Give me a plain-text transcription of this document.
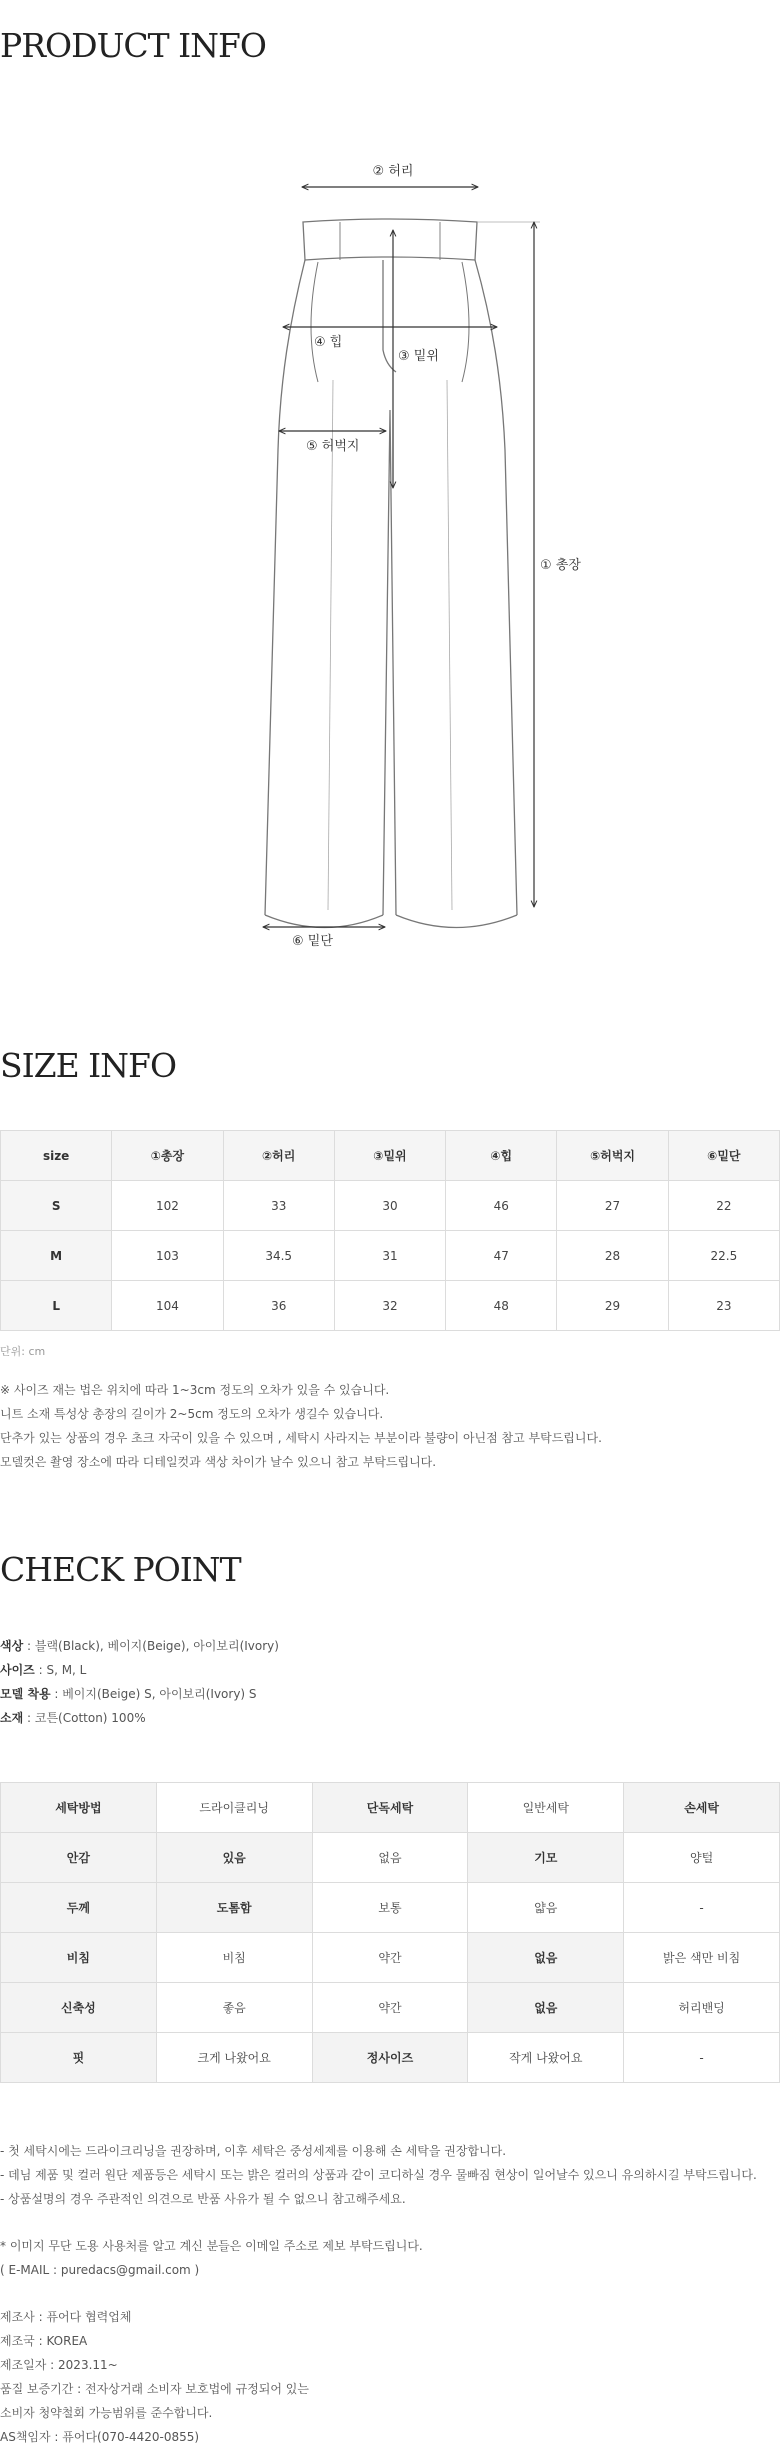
PRODUCT INFO
② 허리
① 총장
④ 힙
③ 밑위
⑤ 허벅지
⑥ 밑단
SIZE INFO
size	①총장	②허리	③밑위	④힙	⑤허벅지	⑥밑단
S	102	33	30	46	27	22
M	103	34.5	31	47	28	22.5
L	104	36	32	48	29	23
단위: cm
※ 사이즈 재는 법은 위치에 따라 1~3cm 정도의 오차가 있을 수 있습니다.
니트 소재 특성상 총장의 길이가 2~5cm 정도의 오차가 생길수 있습니다.
단추가 있는 상품의 경우 초크 자국이 있을 수 있으며 , 세탁시 사라지는 부분이라 불량이 아닌점 참고 부탁드립니다.
모델컷은 촬영 장소에 따라 디테일컷과 색상 차이가 날수 있으니 참고 부탁드립니다.
CHECK POINT
색상 : 블랙(Black), 베이지(Beige), 아이보리(Ivory)
사이즈 : S, M, L
모델 착용 : 베이지(Beige) S, 아이보리(Ivory) S
소재 : 코튼(Cotton) 100%
세탁방법	드라이클리닝	단독세탁	일반세탁	손세탁
안감	있음	없음	기모	양털
두께	도톰함	보통	얇음	-
비침	비침	약간	없음	밝은 색만 비침
신축성	좋음	약간	없음	허리밴딩
핏	크게 나왔어요	정사이즈	작게 나왔어요	-
- 첫 세탁시에는 드라이크리닝을 권장하며, 이후 세탁은 중성세제를 이용해 손 세탁을 권장합니다.
- 데님 제품 및 컬러 원단 제품등은 세탁시 또는 밝은 컬러의 상품과 같이 코디하실 경우 물빠짐 현상이 일어날수 있으니 유의하시길 부탁드립니다.
- 상품설명의 경우 주관적인 의견으로 반품 사유가 될 수 없으니 참고해주세요.
* 이미지 무단 도용 사용처를 알고 계신 분들은 이메일 주소로 제보 부탁드립니다.
( E-MAIL : puredacs@gmail.com )
제조사 : 퓨어다 협력업체
제조국 : KOREA
제조일자 : 2023.11~
품질 보증기간 : 전자상거래 소비자 보호법에 규정되어 있는
소비자 청약철회 가능범위를 준수합니다.
AS책임자 : 퓨어다(070-4420-0855)
